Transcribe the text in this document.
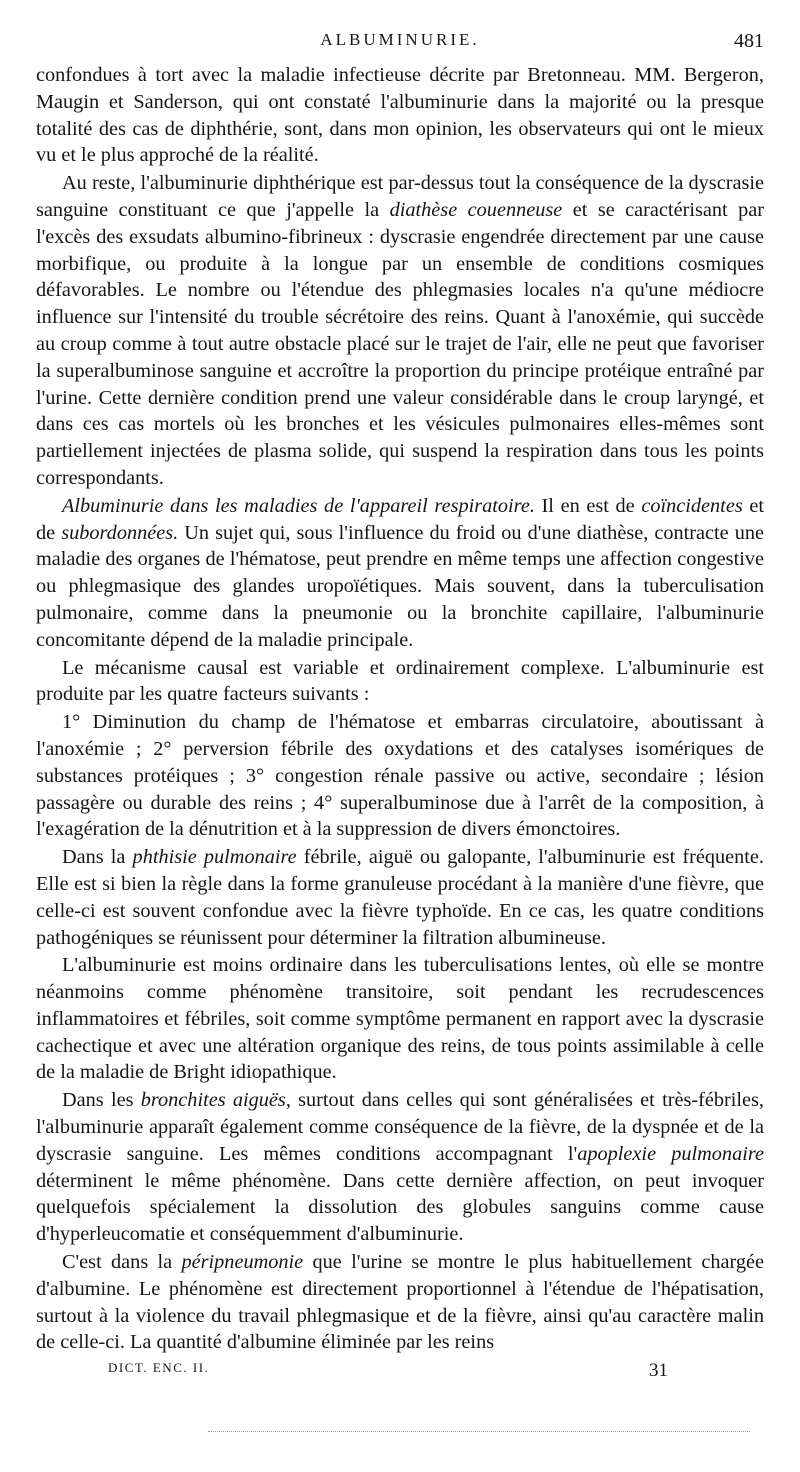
ALBUMINURIE.	481

confondues à tort avec la maladie infectieuse décrite par Bretonneau. MM. Bergeron, Maugin et Sanderson, qui ont constaté l'albuminurie dans la majorité ou la presque totalité des cas de diphthérie, sont, dans mon opinion, les observateurs qui ont le mieux vu et le plus approché de la réalité.

Au reste, l'albuminurie diphthérique est par-dessus tout la conséquence de la dyscrasie sanguine constituant ce que j'appelle la diathèse couenneuse et se caractérisant par l'excès des exsudats albumino-fibrineux : dyscrasie engendrée directement par une cause morbifique, ou produite à la longue par un ensemble de conditions cosmiques défavorables. Le nombre ou l'étendue des phlegmasies locales n'a qu'une médiocre influence sur l'intensité du trouble sécrétoire des reins. Quant à l'anoxémie, qui succède au croup comme à tout autre obstacle placé sur le trajet de l'air, elle ne peut que favoriser la superalbuminose sanguine et accroître la proportion du principe protéique entraîné par l'urine. Cette dernière condition prend une valeur considérable dans le croup laryngé, et dans ces cas mortels où les bronches et les vésicules pulmonaires elles-mêmes sont partiellement injectées de plasma solide, qui suspend la respiration dans tous les points correspondants.

Albuminurie dans les maladies de l'appareil respiratoire. Il en est de coïncidentes et de subordonnées. Un sujet qui, sous l'influence du froid ou d'une diathèse, contracte une maladie des organes de l'hématose, peut prendre en même temps une affection congestive ou phlegmasique des glandes uropoïétiques. Mais souvent, dans la tuberculisation pulmonaire, comme dans la pneumonie ou la bronchite capillaire, l'albuminurie concomitante dépend de la maladie principale.

Le mécanisme causal est variable et ordinairement complexe. L'albuminurie est produite par les quatre facteurs suivants :

1° Diminution du champ de l'hématose et embarras circulatoire, aboutissant à l'anoxémie ; 2° perversion fébrile des oxydations et des catalyses isomériques de substances protéiques ; 3° congestion rénale passive ou active, secondaire ; lésion passagère ou durable des reins ; 4° superalbuminose due à l'arrêt de la composition, à l'exagération de la dénutrition et à la suppression de divers émonctoires.

Dans la phthisie pulmonaire fébrile, aiguë ou galopante, l'albuminurie est fréquente. Elle est si bien la règle dans la forme granuleuse procédant à la manière d'une fièvre, que celle-ci est souvent confondue avec la fièvre typhoïde. En ce cas, les quatre conditions pathogéniques se réunissent pour déterminer la filtration albumineuse.

L'albuminurie est moins ordinaire dans les tuberculisations lentes, où elle se montre néanmoins comme phénomène transitoire, soit pendant les recrudescences inflammatoires et fébriles, soit comme symptôme permanent en rapport avec la dyscrasie cachectique et avec une altération organique des reins, de tous points assimilable à celle de la maladie de Bright idiopathique.

Dans les bronchites aiguës, surtout dans celles qui sont généralisées et très-fébriles, l'albuminurie apparaît également comme conséquence de la fièvre, de la dyspnée et de la dyscrasie sanguine. Les mêmes conditions accompagnant l'apoplexie pulmonaire déterminent le même phénomène. Dans cette dernière affection, on peut invoquer quelquefois spécialement la dissolution des globules sanguins comme cause d'hyperleucomatie et conséquemment d'albuminurie.

C'est dans la péripneumonie que l'urine se montre le plus habituellement chargée d'albumine. Le phénomène est directement proportionnel à l'étendue de l'hépatisation, surtout à la violence du travail phlegmasique et de la fièvre, ainsi qu'au caractère malin de celle-ci. La quantité d'albumine éliminée par les reins

DICT. ENC. II.	31
